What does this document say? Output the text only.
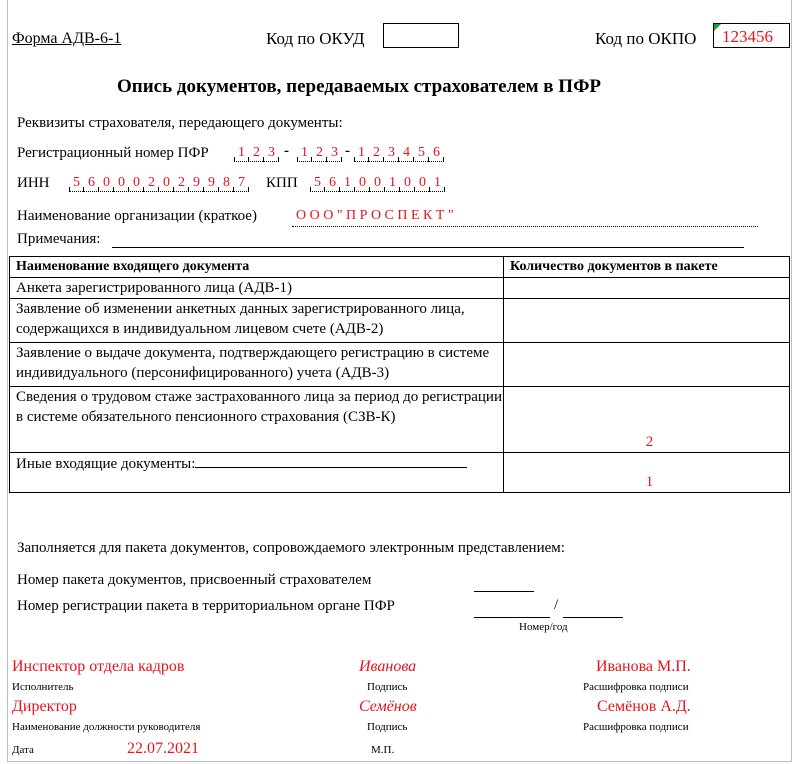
Форма АДВ-6-1	Код по ОКУД	Код по ОКПО 123456
Опись документов, передаваемых страхователем в ПФР
Реквизиты страхователя, передающего документы:
Регистрационный номер ПФР 1 2 3 - 1 2 3 - 1 2 3 4 5 6
ИНН 5 6 0 0 0 2 0 2 9 9 8 7 КПП 5 6 1 0 0 1 0 0 1
Наименование организации (краткое)	О О О " П Р О С П Е К Т "
Примечания:
Наименование входящего документа	Количество документов в пакете
Анкета зарегистрированного лица (АДВ-1)	
Заявление об изменении анкетных данных зарегистрированного лица, содержащихся в индивидуальном лицевом счете (АДВ-2)	
Заявление о выдаче документа, подтверждающего регистрацию в системе индивидуального (персонифицированного) учета (АДВ-3)	
Сведения о трудовом стаже застрахованного лица за период до регистрации в системе обязательного пенсионного страхования (СЗВ-К)	2
Иные входящие документы:	1
Заполняется для пакета документов, сопровождаемого электронным представлением:
Номер пакета документов, присвоенный страхователем
Номер регистрации пакета в территориальном органе ПФР	/
Номер/год
Инспектор отдела кадров
Исполнитель
Иванова
Подпись
Иванова М.П.
Расшифровка подписи
Директор
Наименование должности руководителя
Семёнов
Подпись
Семёнов А.Д.
Расшифровка подписи
Дата	22.07.2021	М.П.
